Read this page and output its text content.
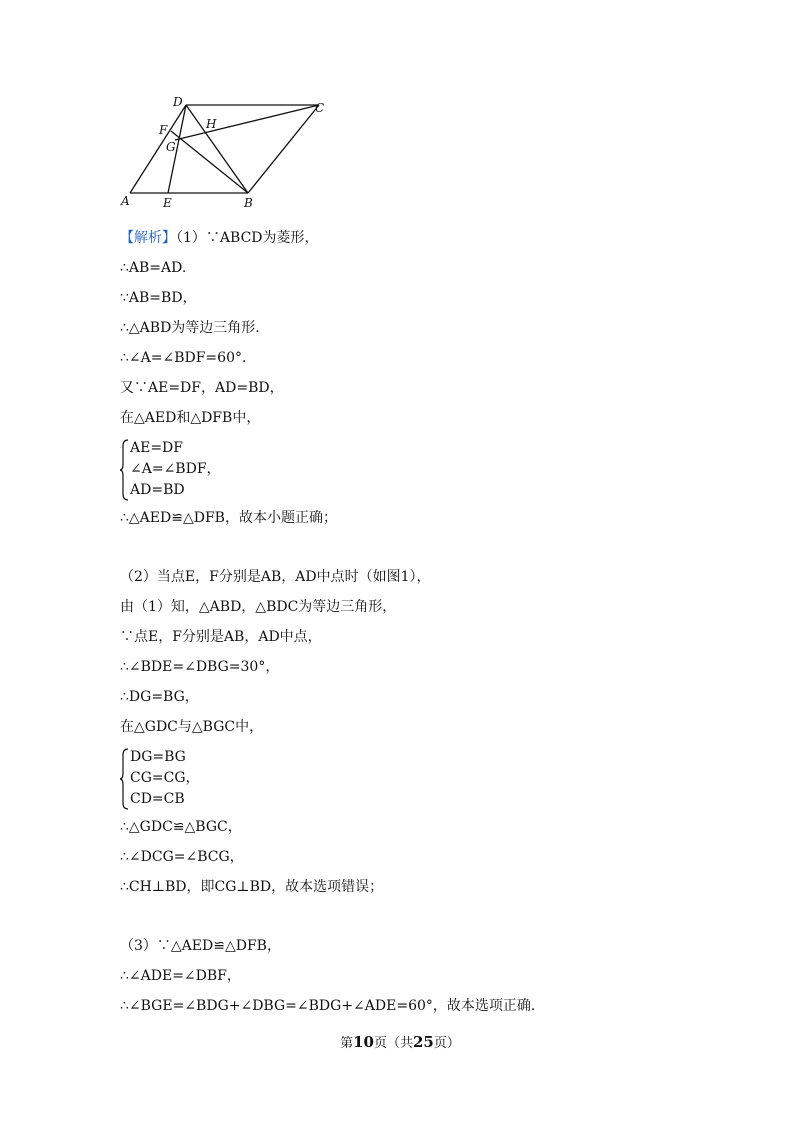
D	C
F	H
G
A	E	B
【解析】（1）∵ABCD为菱形，
∴AB=AD.
∵AB=BD，
∴△ABD为等边三角形.
∴∠A=∠BDF=60°．
又∵AE=DF，AD=BD，
在△AED和△DFB中，
AE=DF
∠A=∠BDF，
AD=BD
∴△AED≌△DFB，故本小题正确；
（2）当点E，F分别是AB，AD中点时（如图1），
由（1）知，△ABD，△BDC为等边三角形，
∵点E，F分别是AB，AD中点，
∴∠BDE=∠DBG=30°，
∴DG=BG，
在△GDC与△BGC中，
DG=BG
CG=CG，
CD=CB
∴△GDC≌△BGC，
∴∠DCG=∠BCG，
∴CH⊥BD，即CG⊥BD，故本选项错误；
（3）∵△AED≌△DFB，
∴∠ADE=∠DBF，
∴∠BGE=∠BDG+∠DBG=∠BDG+∠ADE=60°，故本选项正确.
第10页（共25页）
